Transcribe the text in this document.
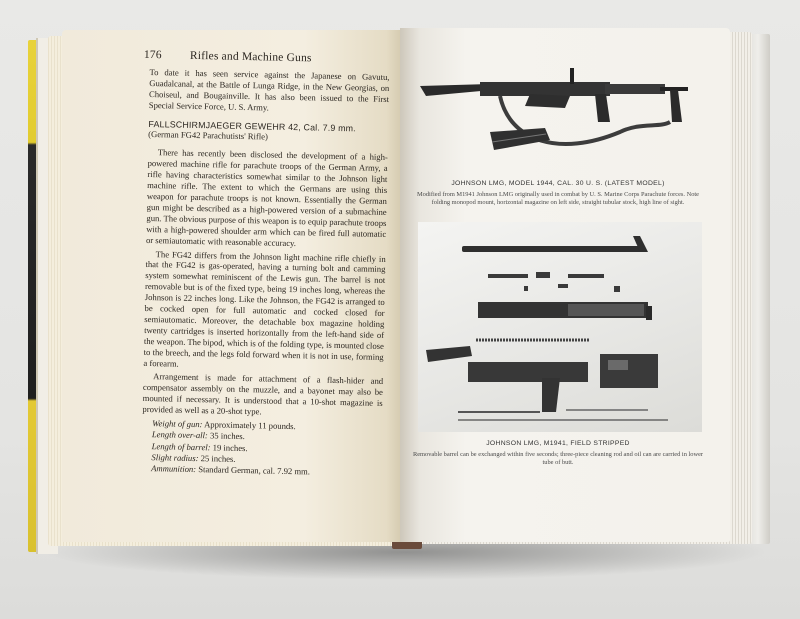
176	Rifles and Machine Guns

To date it has seen service against the Japanese on Gavutu, Guadalcanal, at the Battle of Lunga Ridge, in the New Georgias, on Choiseul, and Bougainville. It has also been issued to the First Special Service Force, U. S. Army.

FALLSCHIRMJAEGER GEWEHR 42, Cal. 7.9 mm.
(German FG42 Parachutists' Rifle)

There has recently been disclosed the development of a high-powered machine rifle for parachute troops of the German Army, a rifle having characteristics somewhat similar to the Johnson light machine rifle. The extent to which the Germans are using this weapon for parachute troops is not known. Essentially the German gun might be described as a high-powered version of a submachine gun. The obvious purpose of this weapon is to equip parachute troops with a high-powered shoulder arm which can be fired full automatic or semiautomatic with reasonable accuracy.

The FG42 differs from the Johnson light machine rifle chiefly in that the FG42 is gas-operated, having a turning bolt and camming system somewhat reminiscent of the Lewis gun. The barrel is not removable but is of the fixed type, being 19 inches long, whereas the Johnson is 22 inches long. Like the Johnson, the FG42 is arranged to be cocked open for full automatic and cocked closed for semiautomatic. Moreover, the detachable box magazine holding twenty cartridges is inserted horizontally from the left-hand side of the weapon. The bipod, which is of the folding type, is mounted close to the breech, and the legs fold forward when it is not in use, forming a forearm.

Arrangement is made for attachment of a flash-hider and compensator assembly on the muzzle, and a bayonet may also be mounted if necessary. It is understood that a 10-shot magazine is provided as well as a 20-shot type.

Weight of gun: Approximately 11 pounds.
Length over-all: 35 inches.
Length of barrel: 19 inches.
Slight radius: 25 inches.
Ammunition: Standard German, cal. 7.92 mm.
JOHNSON LMG, MODEL 1944, CAL. 30 U. S. (LATEST MODEL)
Modified from M1941 Johnson LMG originally used in combat by U. S. Marine Corps Parachute forces. Note folding monopod mount, horizontal magazine on left side, straight tubular stock, high line of sight.
JOHNSON LMG, M1941, FIELD STRIPPED
Removable barrel can be exchanged within five seconds; three-piece cleaning rod and oil can are carried in lower tube of butt.
